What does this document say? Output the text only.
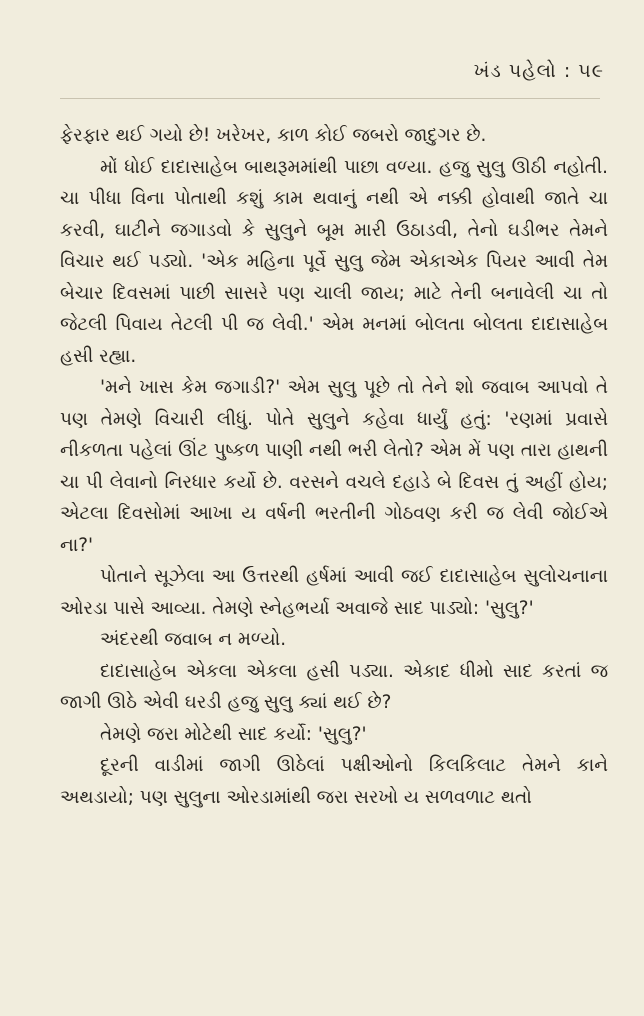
ખંડ પહેલો : ૫૯

ફેરફાર થઈ ગયો છે! ખરેખર, કાળ કોઈ જબરો જાદુગર છે.

મોં ધોઈ દાદાસાહેબ બાથરૂમમાંથી પાછા વળ્યા. હજુ સુલુ ઊઠી નહોતી. ચા પીધા વિના પોતાથી કશું કામ થવાનું નથી એ નક્કી હોવાથી જાતે ચા કરવી, ઘાટીને જગાડવો કે સુલુને બૂમ મારી ઉઠાડવી, તેનો ઘડીભર તેમને વિચાર થઈ પડ્યો. 'એક મહિના પૂર્વે સુલુ જેમ એકાએક પિયર આવી તેમ બેચાર દિવસમાં પાછી સાસરે પણ ચાલી જાય; માટે તેની બનાવેલી ચા તો જેટલી પિવાય તેટલી પી જ લેવી.' એમ મનમાં બોલતા બોલતા દાદાસાહેબ હસી રહ્યા.

'મને ખાસ કેમ જગાડી?' એમ સુલુ પૂછે તો તેને શો જવાબ આપવો તે પણ તેમણે વિચારી લીધું. પોતે સુલુને કહેવા ધાર્યું હતું: 'રણમાં પ્રવાસે નીકળતા પહેલાં ઊંટ પુષ્કળ પાણી નથી ભરી લેતો? એમ મેં પણ તારા હાથની ચા પી લેવાનો નિરધાર કર્યો છે. વરસને વચલે દહાડે બે દિવસ તું અહીં હોય; એટલા દિવસોમાં આખા ય વર્ષની ભરતીની ગોઠવણ કરી જ લેવી જોઈએ ના?'

પોતાને સૂઝેલા આ ઉત્તરથી હર્ષમાં આવી જઈ દાદાસાહેબ સુલોચનાના ઓરડા પાસે આવ્યા. તેમણે સ્નેહભર્યા અવાજે સાદ પાડ્યો: 'સુલુ?'

અંદરથી જવાબ ન મળ્યો.

દાદાસાહેબ એકલા એકલા હસી પડ્યા. એકાદ ધીમો સાદ કરતાં જ જાગી ઊઠે એવી ઘરડી હજુ સુલુ ક્યાં થઈ છે?

તેમણે જરા મોટેથી સાદ કર્યો: 'સુલુ?'

દૂરની વાડીમાં જાગી ઊઠેલાં પક્ષીઓનો કિલકિલાટ તેમને કાને અથડાયો; પણ સુલુના ઓરડામાંથી જરા સરખો ય સળવળાટ થતો
